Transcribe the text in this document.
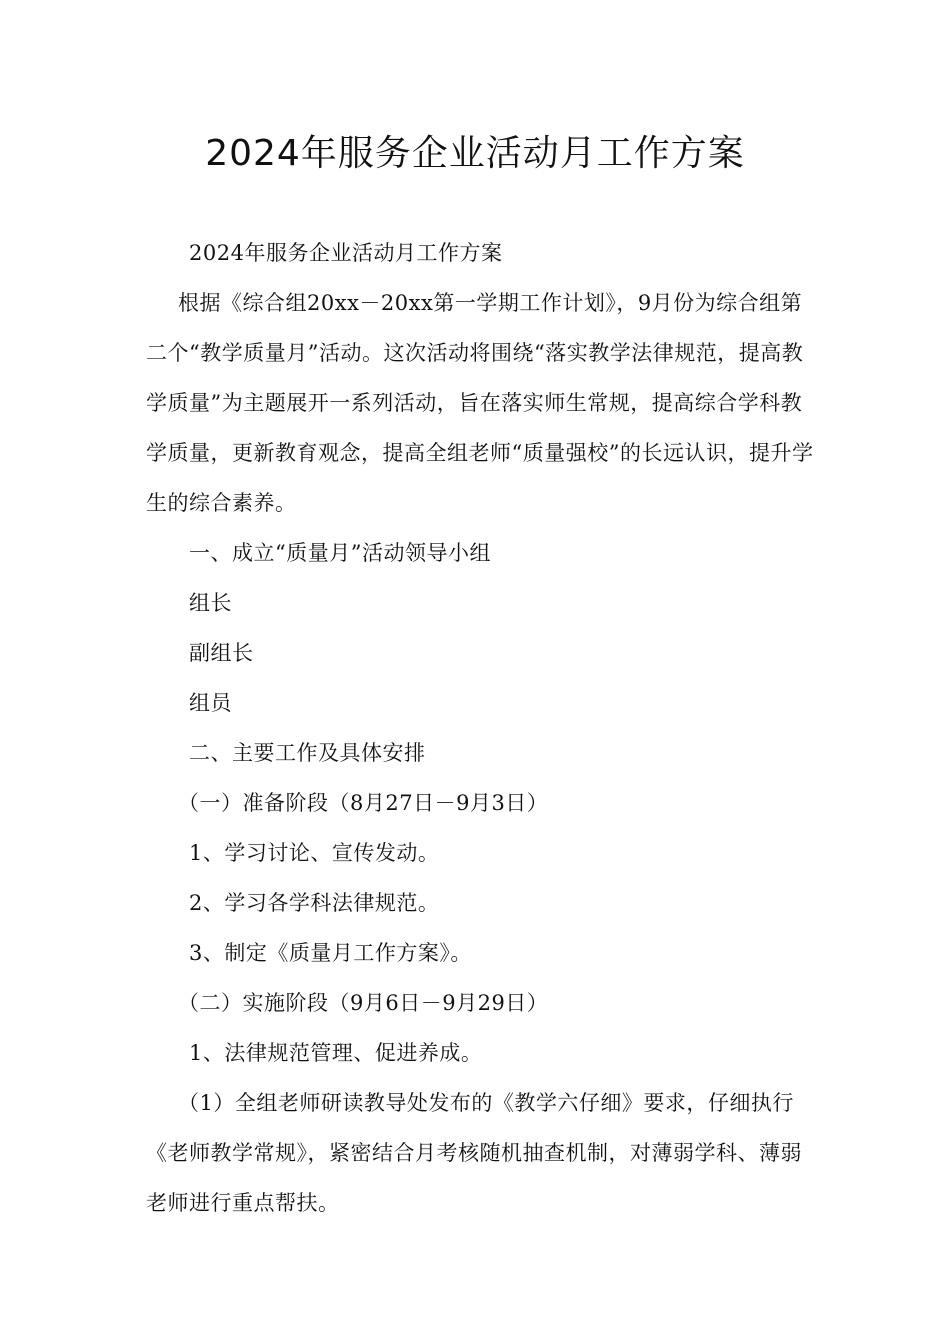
2024年服务企业活动月工作方案

2024年服务企业活动月工作方案

根据《综合组20xx－20xx第一学期工作计划》，9月份为综合组第二个“教学质量月”活动。这次活动将围绕“落实教学法律规范，提高教学质量”为主题展开一系列活动，旨在落实师生常规，提高综合学科教学质量，更新教育观念，提高全组老师“质量强校”的长远认识，提升学生的综合素养。

一、成立“质量月”活动领导小组

组长

副组长

组员

二、主要工作及具体安排

（一）准备阶段（8月27日－9月3日）

1、学习讨论、宣传发动。

2、学习各学科法律规范。

3、制定《质量月工作方案》。

（二）实施阶段（9月6日－9月29日）

1、法律规范管理、促进养成。

（1）全组老师研读教导处发布的《教学六仔细》要求，仔细执行《老师教学常规》，紧密结合月考核随机抽查机制，对薄弱学科、薄弱老师进行重点帮扶。
